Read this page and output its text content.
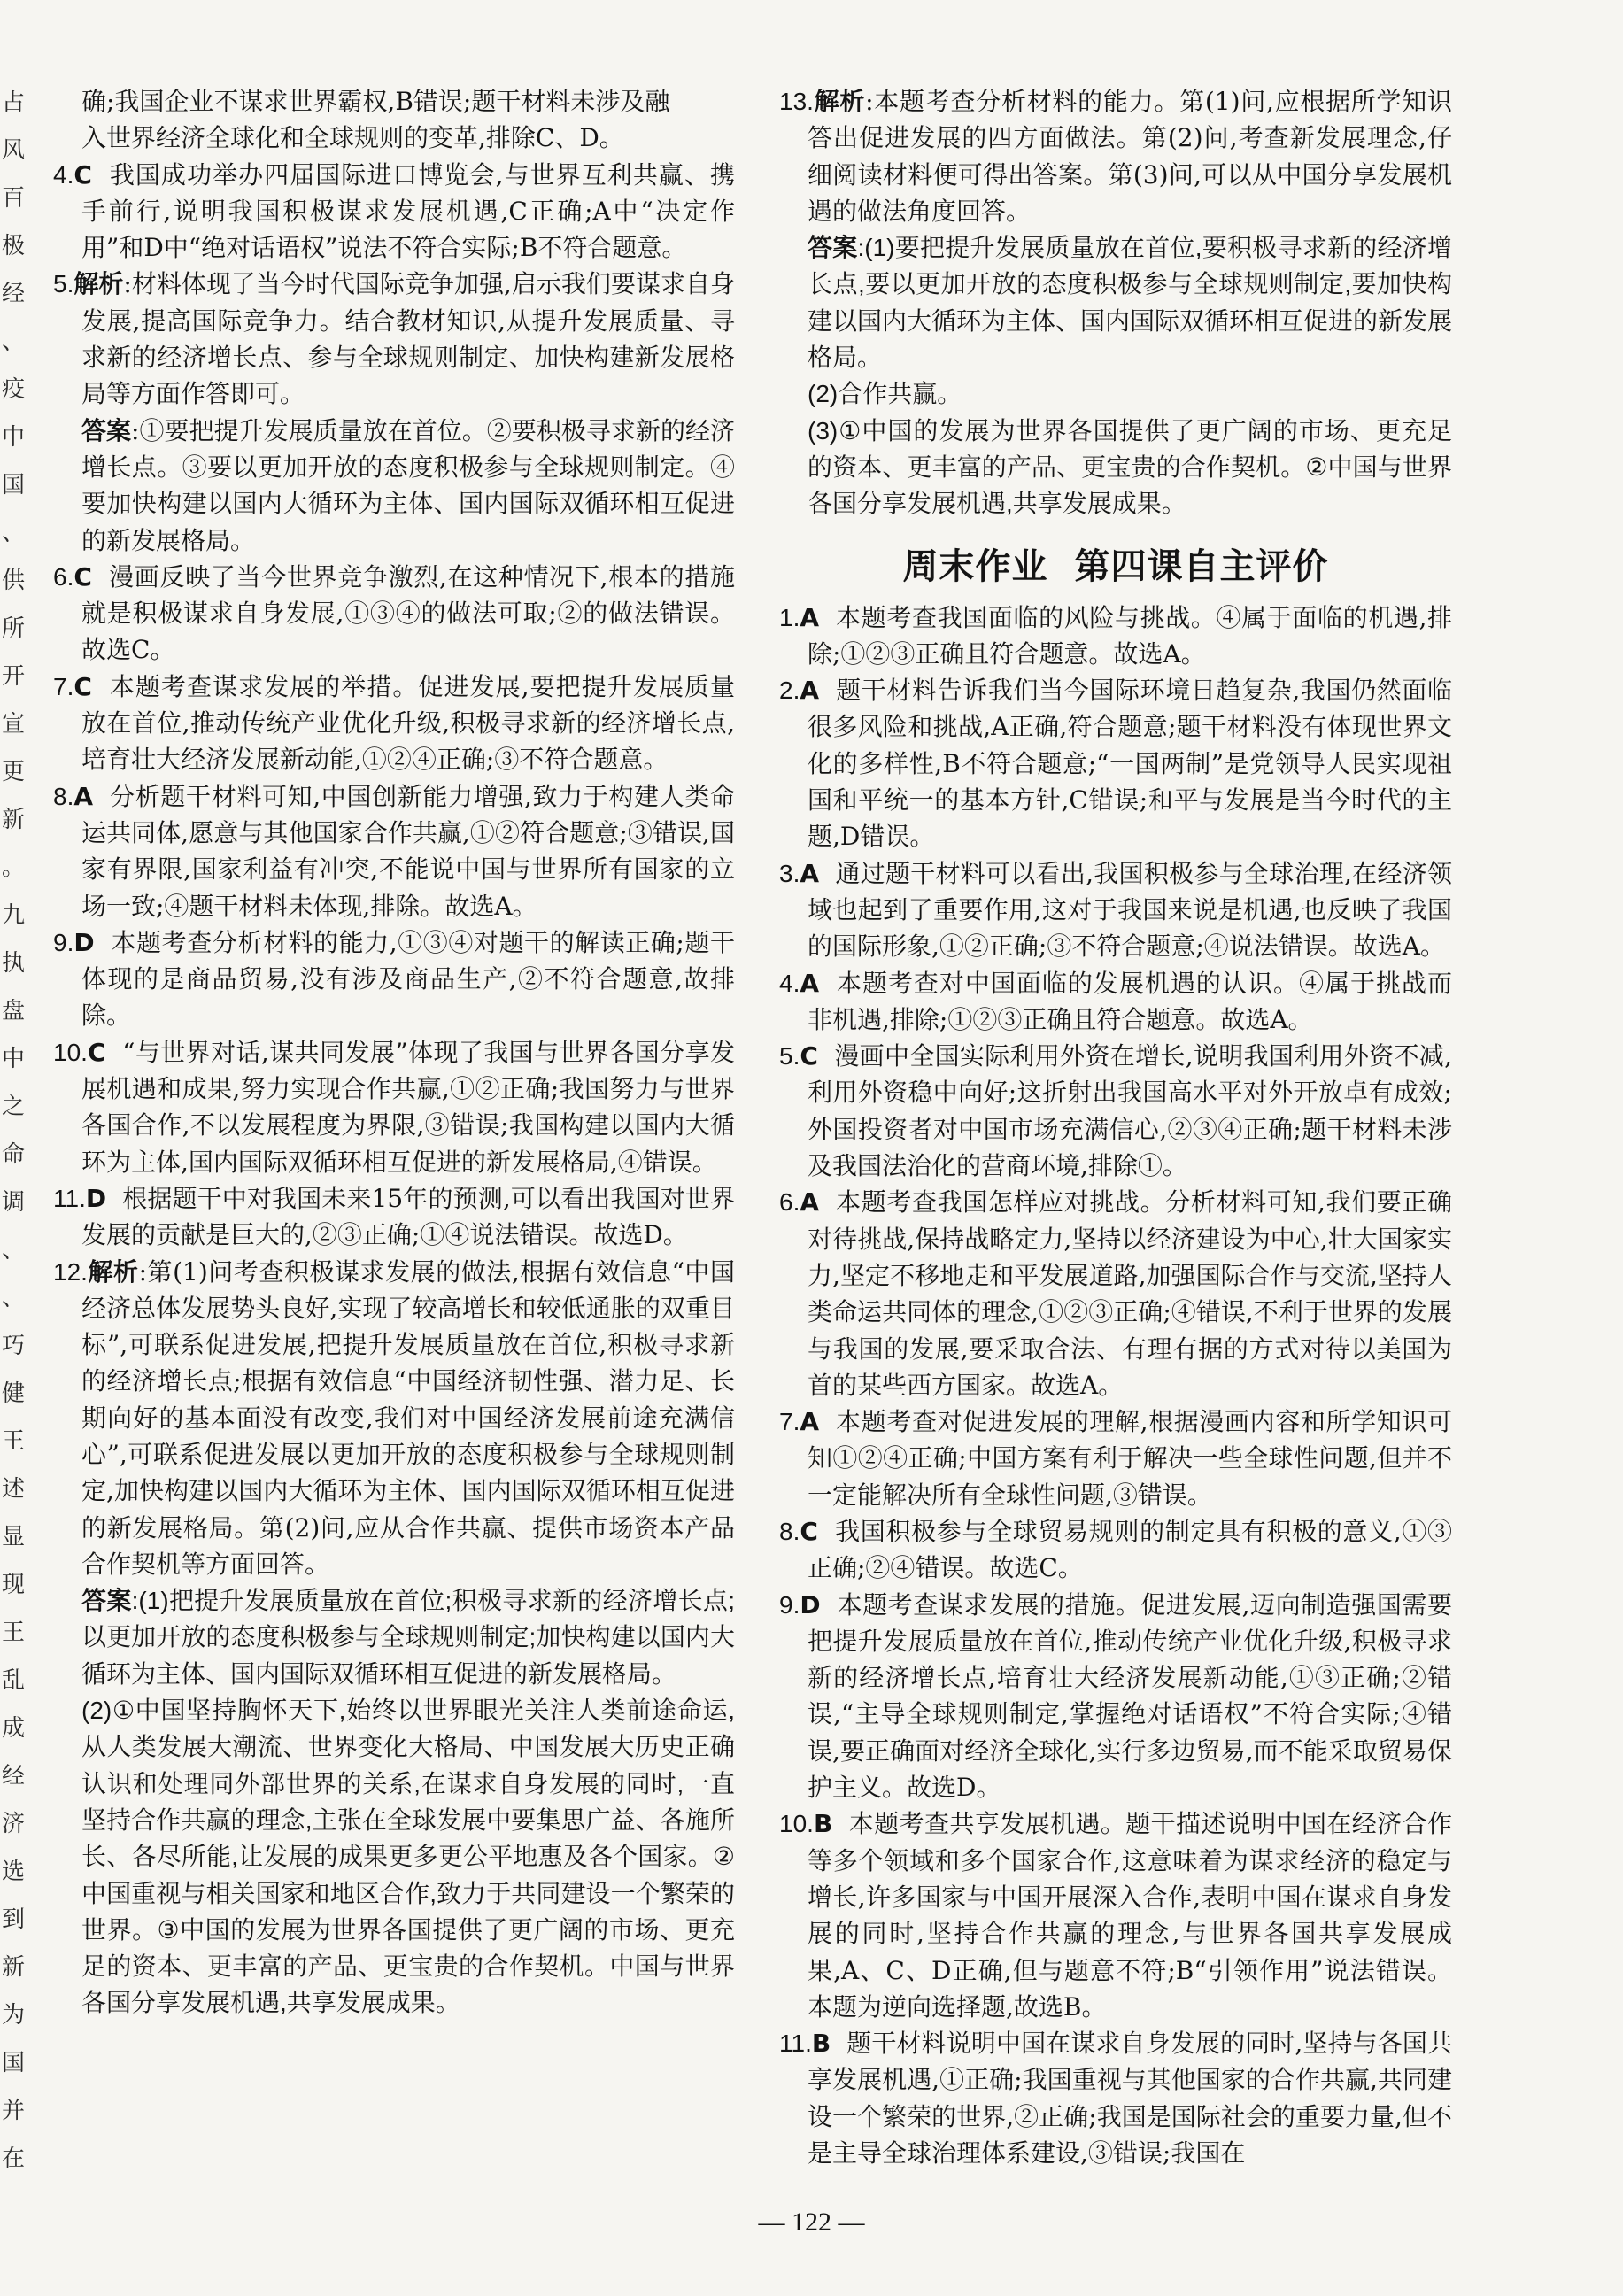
占
风
百
极
经
、
疫
中
国
、
供
所
开
宣
更
新
。
九
执
盘
中
之
命
调
、
、
巧
健
王
述
显
现
王
乱
成
经
济
选
到
新
为
国
并
在

确;我国企业不谋求世界霸权,B错误;题干材料未涉及融

入世界经济全球化和全球规则的变革,排除C、D。

4.C 我国成功举办四届国际进口博览会,与世界互利共赢、携手前行,说明我国积极谋求发展机遇,C正确;A中“决定作用”和D中“绝对话语权”说法不符合实际;B不符合题意。

5.解析:材料体现了当今时代国际竞争加强,启示我们要谋求自身发展,提高国际竞争力。结合教材知识,从提升发展质量、寻求新的经济增长点、参与全球规则制定、加快构建新发展格局等方面作答即可。

答案:①要把提升发展质量放在首位。②要积极寻求新的经济增长点。③要以更加开放的态度积极参与全球规则制定。④要加快构建以国内大循环为主体、国内国际双循环相互促进的新发展格局。

6.C 漫画反映了当今世界竞争激烈,在这种情况下,根本的措施就是积极谋求自身发展,①③④的做法可取;②的做法错误。故选C。

7.C 本题考查谋求发展的举措。促进发展,要把提升发展质量放在首位,推动传统产业优化升级,积极寻求新的经济增长点,培育壮大经济发展新动能,①②④正确;③不符合题意。

8.A 分析题干材料可知,中国创新能力增强,致力于构建人类命运共同体,愿意与其他国家合作共赢,①②符合题意;③错误,国家有界限,国家利益有冲突,不能说中国与世界所有国家的立场一致;④题干材料未体现,排除。故选A。

9.D 本题考查分析材料的能力,①③④对题干的解读正确;题干体现的是商品贸易,没有涉及商品生产,②不符合题意,故排除。

10.C “与世界对话,谋共同发展”体现了我国与世界各国分享发展机遇和成果,努力实现合作共赢,①②正确;我国努力与世界各国合作,不以发展程度为界限,③错误;我国构建以国内大循环为主体,国内国际双循环相互促进的新发展格局,④错误。

11.D 根据题干中对我国未来15年的预测,可以看出我国对世界发展的贡献是巨大的,②③正确;①④说法错误。故选D。

12.解析:第(1)问考查积极谋求发展的做法,根据有效信息“中国经济总体发展势头良好,实现了较高增长和较低通胀的双重目标”,可联系促进发展,把提升发展质量放在首位,积极寻求新的经济增长点;根据有效信息“中国经济韧性强、潜力足、长期向好的基本面没有改变,我们对中国经济发展前途充满信心”,可联系促进发展以更加开放的态度积极参与全球规则制定,加快构建以国内大循环为主体、国内国际双循环相互促进的新发展格局。第(2)问,应从合作共赢、提供市场资本产品合作契机等方面回答。

答案:(1)把提升发展质量放在首位;积极寻求新的经济增长点;以更加开放的态度积极参与全球规则制定;加快构建以国内大循环为主体、国内国际双循环相互促进的新发展格局。

(2)①中国坚持胸怀天下,始终以世界眼光关注人类前途命运,从人类发展大潮流、世界变化大格局、中国发展大历史正确认识和处理同外部世界的关系,在谋求自身发展的同时,一直坚持合作共赢的理念,主张在全球发展中要集思广益、各施所长、各尽所能,让发展的成果更多更公平地惠及各个国家。②中国重视与相关国家和地区合作,致力于共同建设一个繁荣的世界。③中国的发展为世界各国提供了更广阔的市场、更充足的资本、更丰富的产品、更宝贵的合作契机。中国与世界各国分享发展机遇,共享发展成果。

13.解析:本题考查分析材料的能力。第(1)问,应根据所学知识答出促进发展的四方面做法。第(2)问,考查新发展理念,仔细阅读材料便可得出答案。第(3)问,可以从中国分享发展机遇的做法角度回答。

答案:(1)要把提升发展质量放在首位,要积极寻求新的经济增长点,要以更加开放的态度积极参与全球规则制定,要加快构建以国内大循环为主体、国内国际双循环相互促进的新发展格局。

(2)合作共赢。

(3)①中国的发展为世界各国提供了更广阔的市场、更充足的资本、更丰富的产品、更宝贵的合作契机。②中国与世界各国分享发展机遇,共享发展成果。

周末作业 第四课自主评价

1.A 本题考查我国面临的风险与挑战。④属于面临的机遇,排除;①②③正确且符合题意。故选A。

2.A 题干材料告诉我们当今国际环境日趋复杂,我国仍然面临很多风险和挑战,A正确,符合题意;题干材料没有体现世界文化的多样性,B不符合题意;“一国两制”是党领导人民实现祖国和平统一的基本方针,C错误;和平与发展是当今时代的主题,D错误。

3.A 通过题干材料可以看出,我国积极参与全球治理,在经济领域也起到了重要作用,这对于我国来说是机遇,也反映了我国的国际形象,①②正确;③不符合题意;④说法错误。故选A。

4.A 本题考查对中国面临的发展机遇的认识。④属于挑战而非机遇,排除;①②③正确且符合题意。故选A。

5.C 漫画中全国实际利用外资在增长,说明我国利用外资不减,利用外资稳中向好;这折射出我国高水平对外开放卓有成效;外国投资者对中国市场充满信心,②③④正确;题干材料未涉及我国法治化的营商环境,排除①。

6.A 本题考查我国怎样应对挑战。分析材料可知,我们要正确对待挑战,保持战略定力,坚持以经济建设为中心,壮大国家实力,坚定不移地走和平发展道路,加强国际合作与交流,坚持人类命运共同体的理念,①②③正确;④错误,不利于世界的发展与我国的发展,要采取合法、有理有据的方式对待以美国为首的某些西方国家。故选A。

7.A 本题考查对促进发展的理解,根据漫画内容和所学知识可知①②④正确;中国方案有利于解决一些全球性问题,但并不一定能解决所有全球性问题,③错误。

8.C 我国积极参与全球贸易规则的制定具有积极的意义,①③正确;②④错误。故选C。

9.D 本题考查谋求发展的措施。促进发展,迈向制造强国需要把提升发展质量放在首位,推动传统产业优化升级,积极寻求新的经济增长点,培育壮大经济发展新动能,①③正确;②错误,“主导全球规则制定,掌握绝对话语权”不符合实际;④错误,要正确面对经济全球化,实行多边贸易,而不能采取贸易保护主义。故选D。

10.B 本题考查共享发展机遇。题干描述说明中国在经济合作等多个领域和多个国家合作,这意味着为谋求经济的稳定与增长,许多国家与中国开展深入合作,表明中国在谋求自身发展的同时,坚持合作共赢的理念,与世界各国共享发展成果,A、C、D正确,但与题意不符;B“引领作用”说法错误。本题为逆向选择题,故选B。

11.B 题干材料说明中国在谋求自身发展的同时,坚持与各国共享发展机遇,①正确;我国重视与其他国家的合作共赢,共同建设一个繁荣的世界,②正确;我国是国际社会的重要力量,但不是主导全球治理体系建设,③错误;我国在

— 122 —
